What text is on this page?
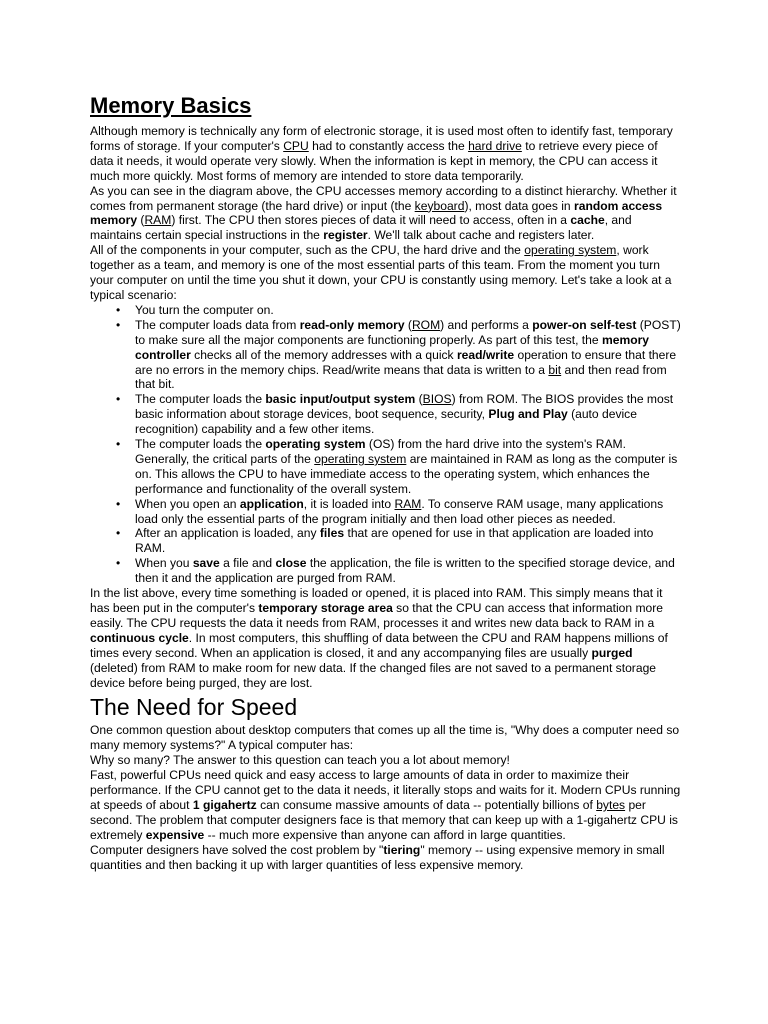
Memory Basics

Although memory is technically any form of electronic storage, it is used most often to identify fast, temporary forms of storage. If your computer's CPU had to constantly access the hard drive to retrieve every piece of data it needs, it would operate very slowly. When the information is kept in memory, the CPU can access it much more quickly. Most forms of memory are intended to store data temporarily.

As you can see in the diagram above, the CPU accesses memory according to a distinct hierarchy. Whether it comes from permanent storage (the hard drive) or input (the keyboard), most data goes in random access memory (RAM) first. The CPU then stores pieces of data it will need to access, often in a cache, and maintains certain special instructions in the register. We'll talk about cache and registers later.

All of the components in your computer, such as the CPU, the hard drive and the operating system, work together as a team, and memory is one of the most essential parts of this team. From the moment you turn your computer on until the time you shut it down, your CPU is constantly using memory. Let's take a look at a typical scenario:

• You turn the computer on.
• The computer loads data from read-only memory (ROM) and performs a power-on self-test (POST) to make sure all the major components are functioning properly. As part of this test, the memory controller checks all of the memory addresses with a quick read/write operation to ensure that there are no errors in the memory chips. Read/write means that data is written to a bit and then read from that bit.
• The computer loads the basic input/output system (BIOS) from ROM. The BIOS provides the most basic information about storage devices, boot sequence, security, Plug and Play (auto device recognition) capability and a few other items.
• The computer loads the operating system (OS) from the hard drive into the system's RAM. Generally, the critical parts of the operating system are maintained in RAM as long as the computer is on. This allows the CPU to have immediate access to the operating system, which enhances the performance and functionality of the overall system.
• When you open an application, it is loaded into RAM. To conserve RAM usage, many applications load only the essential parts of the program initially and then load other pieces as needed.
• After an application is loaded, any files that are opened for use in that application are loaded into RAM.
• When you save a file and close the application, the file is written to the specified storage device, and then it and the application are purged from RAM.

In the list above, every time something is loaded or opened, it is placed into RAM. This simply means that it has been put in the computer's temporary storage area so that the CPU can access that information more easily. The CPU requests the data it needs from RAM, processes it and writes new data back to RAM in a continuous cycle. In most computers, this shuffling of data between the CPU and RAM happens millions of times every second. When an application is closed, it and any accompanying files are usually purged (deleted) from RAM to make room for new data. If the changed files are not saved to a permanent storage device before being purged, they are lost.

The Need for Speed

One common question about desktop computers that comes up all the time is, "Why does a computer need so many memory systems?" A typical computer has:

Why so many? The answer to this question can teach you a lot about memory!

Fast, powerful CPUs need quick and easy access to large amounts of data in order to maximize their performance. If the CPU cannot get to the data it needs, it literally stops and waits for it. Modern CPUs running at speeds of about 1 gigahertz can consume massive amounts of data -- potentially billions of bytes per second. The problem that computer designers face is that memory that can keep up with a 1-gigahertz CPU is extremely expensive -- much more expensive than anyone can afford in large quantities.

Computer designers have solved the cost problem by "tiering" memory -- using expensive memory in small quantities and then backing it up with larger quantities of less expensive memory.
